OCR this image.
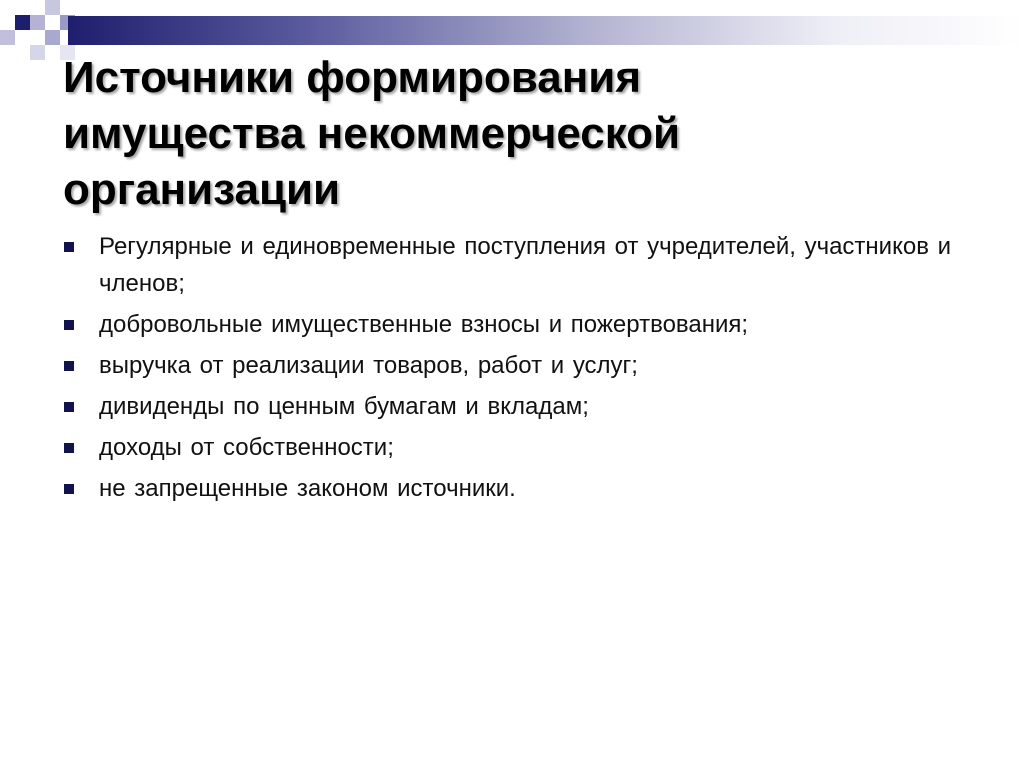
Источники формирования
имущества некоммерческой
организации
Регулярные и единовременные поступления от учредителей, участников и членов;
добровольные имущественные взносы и пожертвования;
выручка от реализации товаров, работ и услуг;
дивиденды по ценным бумагам и вкладам;
доходы от собственности;
не запрещенные законом источники.
